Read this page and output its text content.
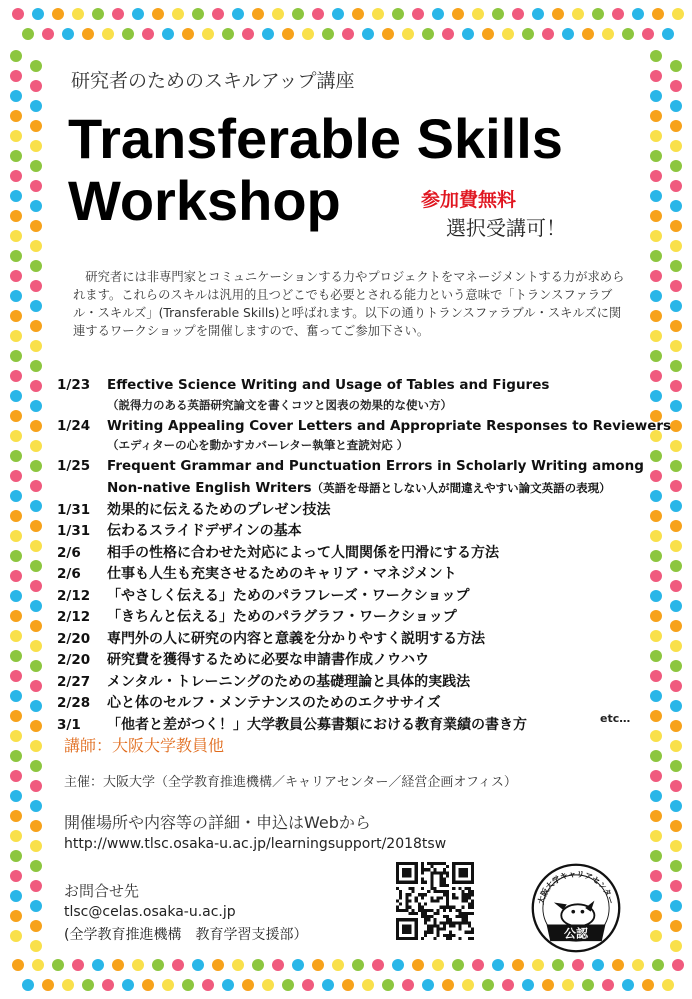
研究者のためのスキルアップ講座
Transferable Skills
Workshop	参加費無料
選択受講可！

研究者には非専門家とコミュニケーションする力やプロジェクトをマネージメントする力が求められます。これらのスキルは汎用的且つどこでも必要とされる能力という意味で「トランスファラブル・スキルズ」(Transferable Skills)と呼ばれます。以下の通りトランスファラブル・スキルズに関連するワークショップを開催しますので、奮ってご参加下さい。

1/23 Effective Science Writing and Usage of Tables and Figures
（説得力のある英語研究論文を書くコツと図表の効果的な使い方）
1/24 Writing Appealing Cover Letters and Appropriate Responses to Reviewers
（エディターの心を動かすカバーレター執筆と査読対応 ）
1/25 Frequent Grammar and Punctuation Errors in Scholarly Writing among
Non-native English Writers（英語を母語としない人が間違えやすい論文英語の表現）
1/31 効果的に伝えるためのプレゼン技法
1/31 伝わるスライドデザインの基本
2/6 相手の性格に合わせた対応によって人間関係を円滑にする方法
2/6 仕事も人生も充実させるためのキャリア・マネジメント
2/12 「やさしく伝える」ためのパラフレーズ・ワークショップ
2/12 「きちんと伝える」ためのパラグラフ・ワークショップ
2/20 専門外の人に研究の内容と意義を分かりやすく説明する方法
2/20 研究費を獲得するために必要な申請書作成ノウハウ
2/27 メンタル・トレーニングのための基礎理論と具体的実践法
2/28 心と体のセルフ・メンテナンスのためのエクササイズ
3/1 「他者と差がつく！」大学教員公募書類における教育業績の書き方	etc…
講師：大阪大学教員他
主催：大阪大学（全学教育推進機構／キャリアセンター／経営企画オフィス）
開催場所や内容等の詳細・申込はWebから
http://www.tlsc.osaka-u.ac.jp/learningsupport/2018tsw
お問合せ先
tlsc@celas.osaka-u.ac.jp
(全学教育推進機構　教育学習支援部）
大阪大学キャリアセンター
公認
